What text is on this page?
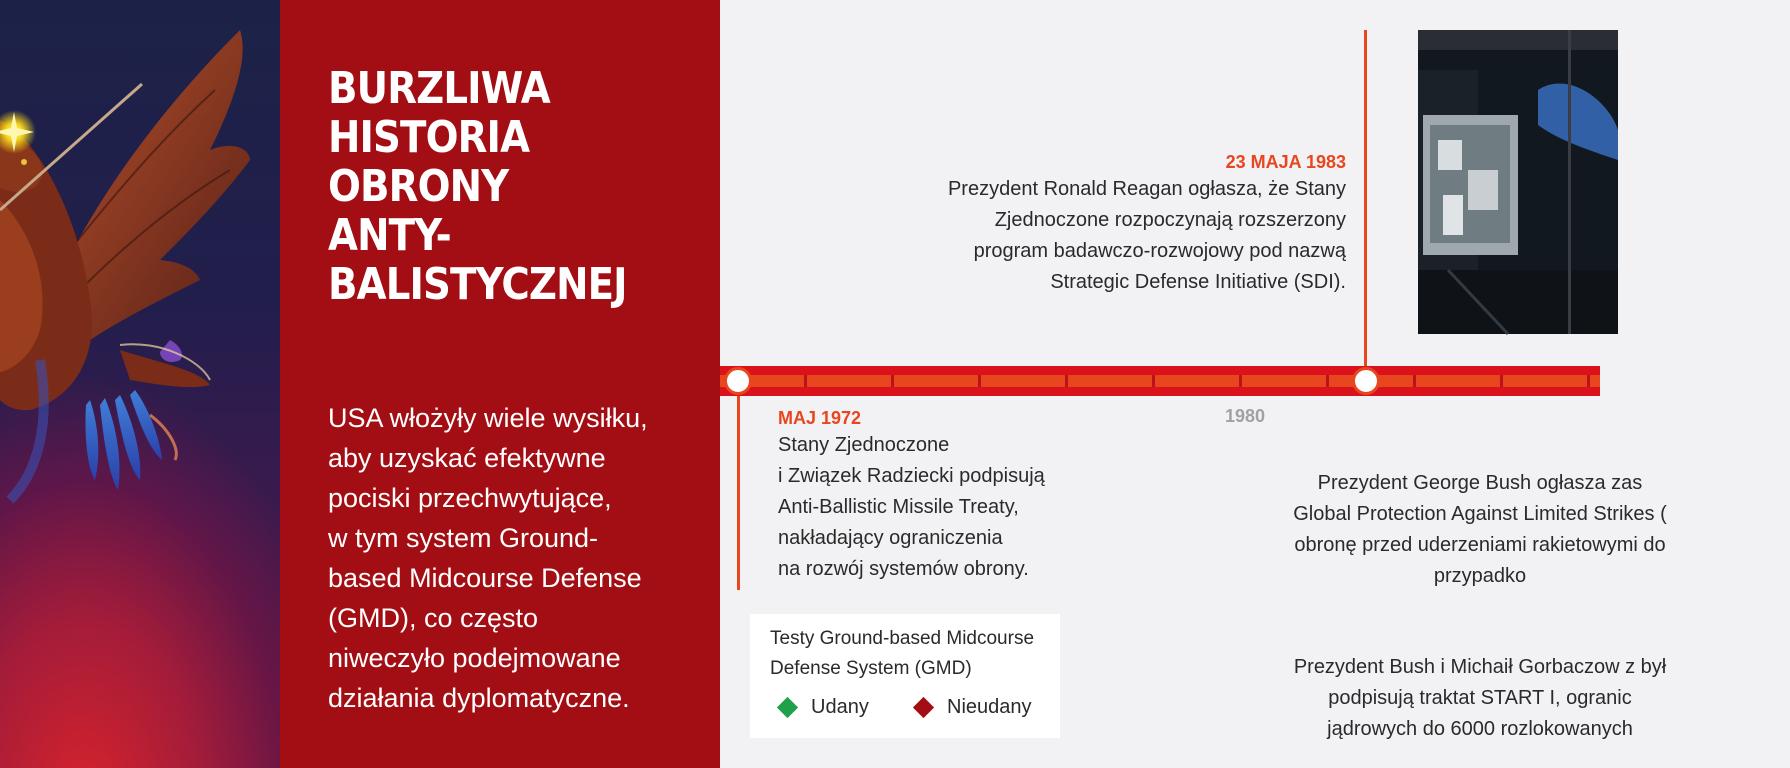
BURZLIWA
HISTORIA
OBRONY
ANTY-
BALISTYCZNEJ
USA włożyły wiele wysiłku,
aby uzyskać efektywne
pociski przechwytujące,
w tym system Ground-
based Midcourse Defense
(GMD), co często
niweczyło podejmowane
działania dyplomatyczne.
1980
23 MAJA 1983
Prezydent Ronald Reagan ogłasza, że Stany
Zjednoczone rozpoczynają rozszerzony
program badawczo-rozwojowy pod nazwą
Strategic Defense Initiative (SDI).
MAJ 1972
Stany Zjednoczone
i Związek Radziecki podpisują
Anti-Ballistic Missile Treaty,
nakładający ograniczenia
na rozwój systemów obrony.
Prezydent George Bush ogłasza zas
Global Protection Against Limited Strikes (
obronę przed uderzeniami rakietowymi do
przypadko
Prezydent Bush i Michaił Gorbaczow z był
podpisują traktat START I, ogranic
jądrowych do 6000 rozlokowanych
Testy Ground-based Midcourse
Defense System (GMD)
Udany	Nieudany
